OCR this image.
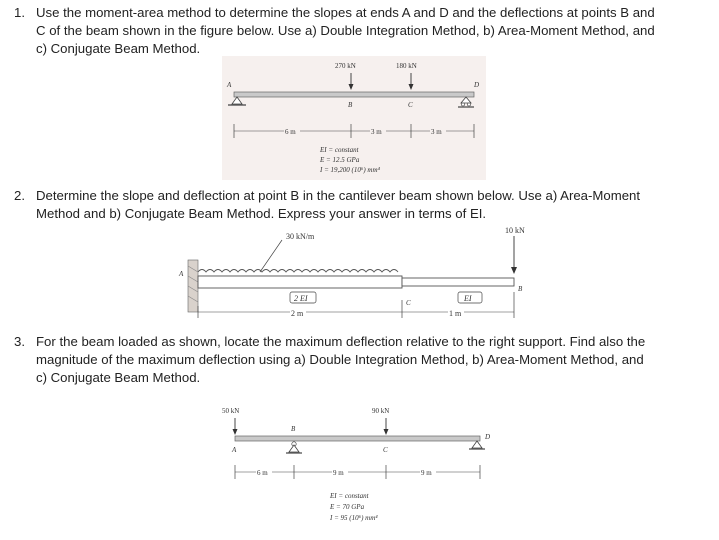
1. Use the moment-area method to determine the slopes at ends A and D and the deflections at points B and
C of the beam shown in the figure below. Use a) Double Integration Method, b) Area-Moment Method, and
c) Conjugate Beam Method.
270 kN	180 kN
A
B	C
D
6 m	3 m	3 m
EI = constant
E = 12.5 GPa
I = 19,200 (10⁶) mm⁴
2. Determine the slope and deflection at point B in the cantilever beam shown below. Use a) Area-Moment
Method and b) Conjugate Beam Method. Express your answer in terms of EI.
10 kN
30 kN/m
A
B
C
2 EI	EI
2 m	1 m
3. For the beam loaded as shown, locate the maximum deflection relative to the right support. Find also the
magnitude of the maximum deflection using a) Double Integration Method, b) Area-Moment Method, and
c) Conjugate Beam Method.
50 kN	90 kN
A
B
C
D
6 m	9 m	9 m
EI = constant
E = 70 GPa
I = 95 (10⁶) mm⁴
